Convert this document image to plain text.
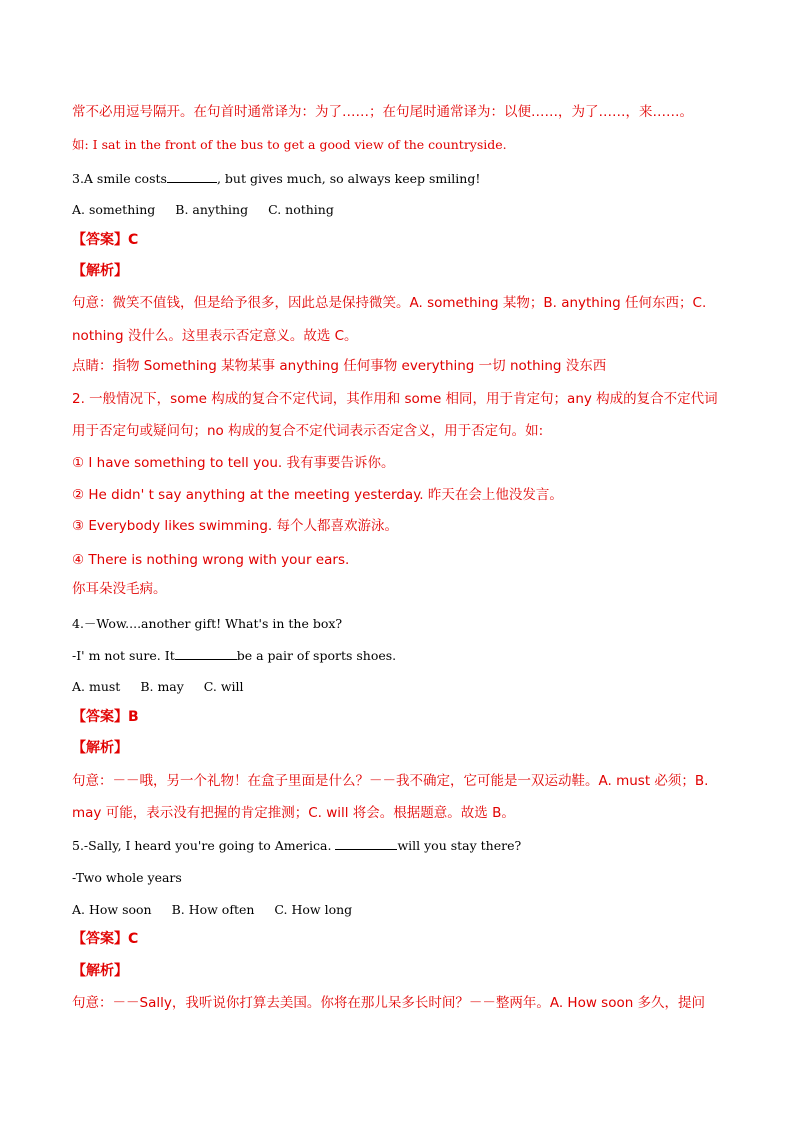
常不必用逗号隔开。在句首时通常译为：为了……；在句尾时通常译为：以便……，为了……，来……。
如: I sat in the front of the bus to get a good view of the countryside.
3.A smile costs	, but gives much, so always keep smiling!
A. something B. anything C. nothing
【答案】C
【解析】
句意：微笑不值钱，但是给予很多，因此总是保持微笑。A. something 某物；B. anything 任何东西；C.
nothing 没什么。这里表示否定意义。故选 C。
点睛：指物 Something 某物某事 anything 任何事物 everything 一切 nothing 没东西
2. 一般情况下，some 构成的复合不定代词，其作用和 some 相同，用于肯定句；any 构成的复合不定代词
用于否定句或疑问句；no 构成的复合不定代词表示否定含义，用于否定句。如:
① I have something to tell you. 我有事要告诉你。
② He didn' t say anything at the meeting yesterday. 昨天在会上他没发言。
③ Everybody likes swimming. 每个人都喜欢游泳。
④ There is nothing wrong with your ears.
你耳朵没毛病。
4.－Wow....another gift! What's in the box?
-I' m not sure. It	be a pair of sports shoes.
A. must B. may C. will
【答案】B
【解析】
句意：－－哦，另一个礼物！在盒子里面是什么？－－我不确定，它可能是一双运动鞋。A. must 必须；B.
may 可能，表示没有把握的肯定推测；C. will 将会。根据题意。故选 B。
5.-Sally, I heard you're going to America.	will you stay there?
-Two whole years
A. How soon B. How often C. How long
【答案】C
【解析】
句意：－－Sally，我听说你打算去美国。你将在那儿呆多长时间？－－整两年。A. How soon 多久，提问
